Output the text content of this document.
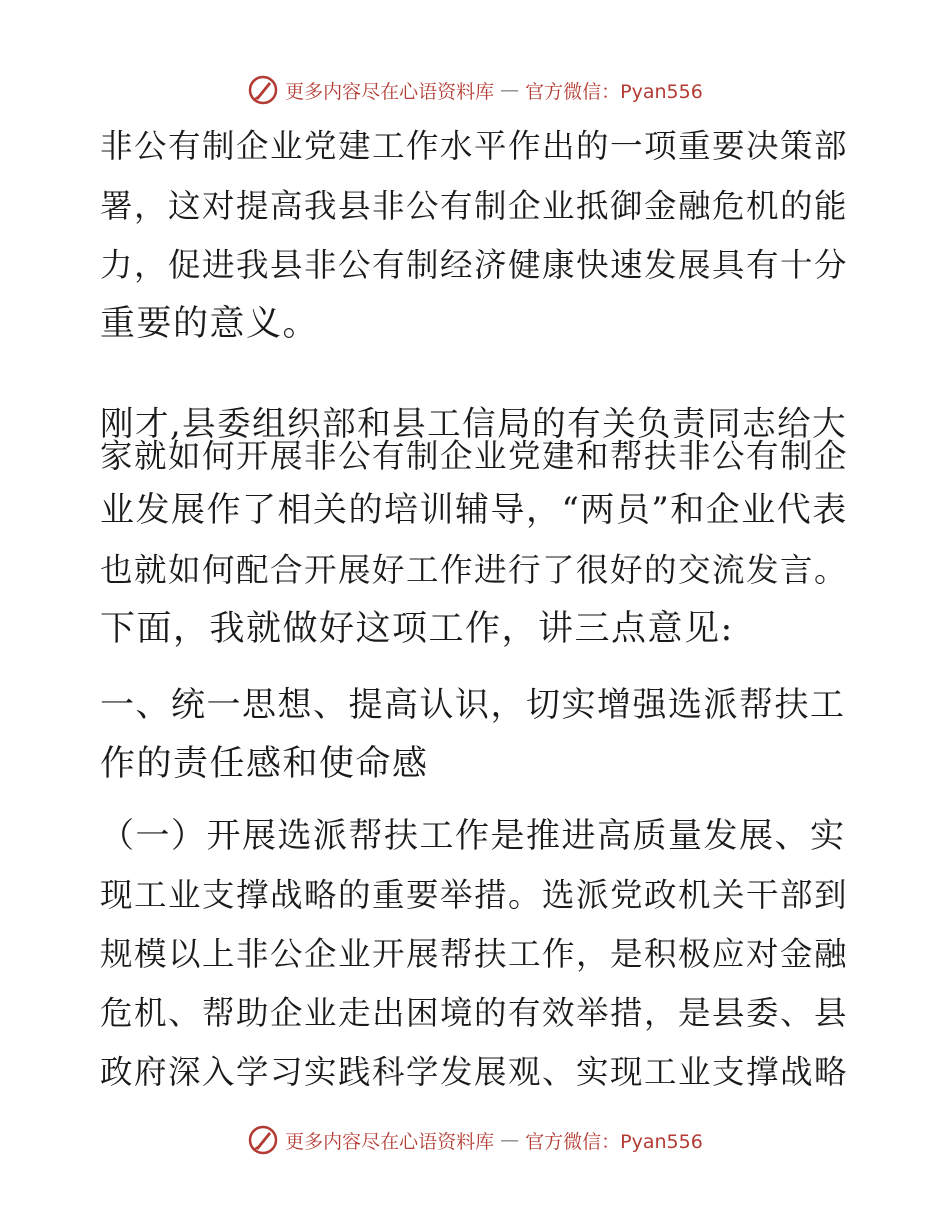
更多内容尽在心语资料库 — 官方微信：Pyan556
非公有制企业党建工作水平作出的一项重要决策部
署，这对提高我县非公有制企业抵御金融危机的能
力，促进我县非公有制经济健康快速发展具有十分
重要的意义。
刚才,县委组织部和县工信局的有关负责同志给大
家就如何开展非公有制企业党建和帮扶非公有制企
业发展作了相关的培训辅导，“两员”和企业代表
也就如何配合开展好工作进行了很好的交流发言。
下面，我就做好这项工作，讲三点意见:
一、统一思想、提高认识，切实增强选派帮扶工
作的责任感和使命感
（一）开展选派帮扶工作是推进高质量发展、实
现工业支撑战略的重要举措。选派党政机关干部到
规模以上非公企业开展帮扶工作，是积极应对金融
危机、帮助企业走出困境的有效举措，是县委、县
政府深入学习实践科学发展观、实现工业支撑战略
更多内容尽在心语资料库 — 官方微信：Pyan556
